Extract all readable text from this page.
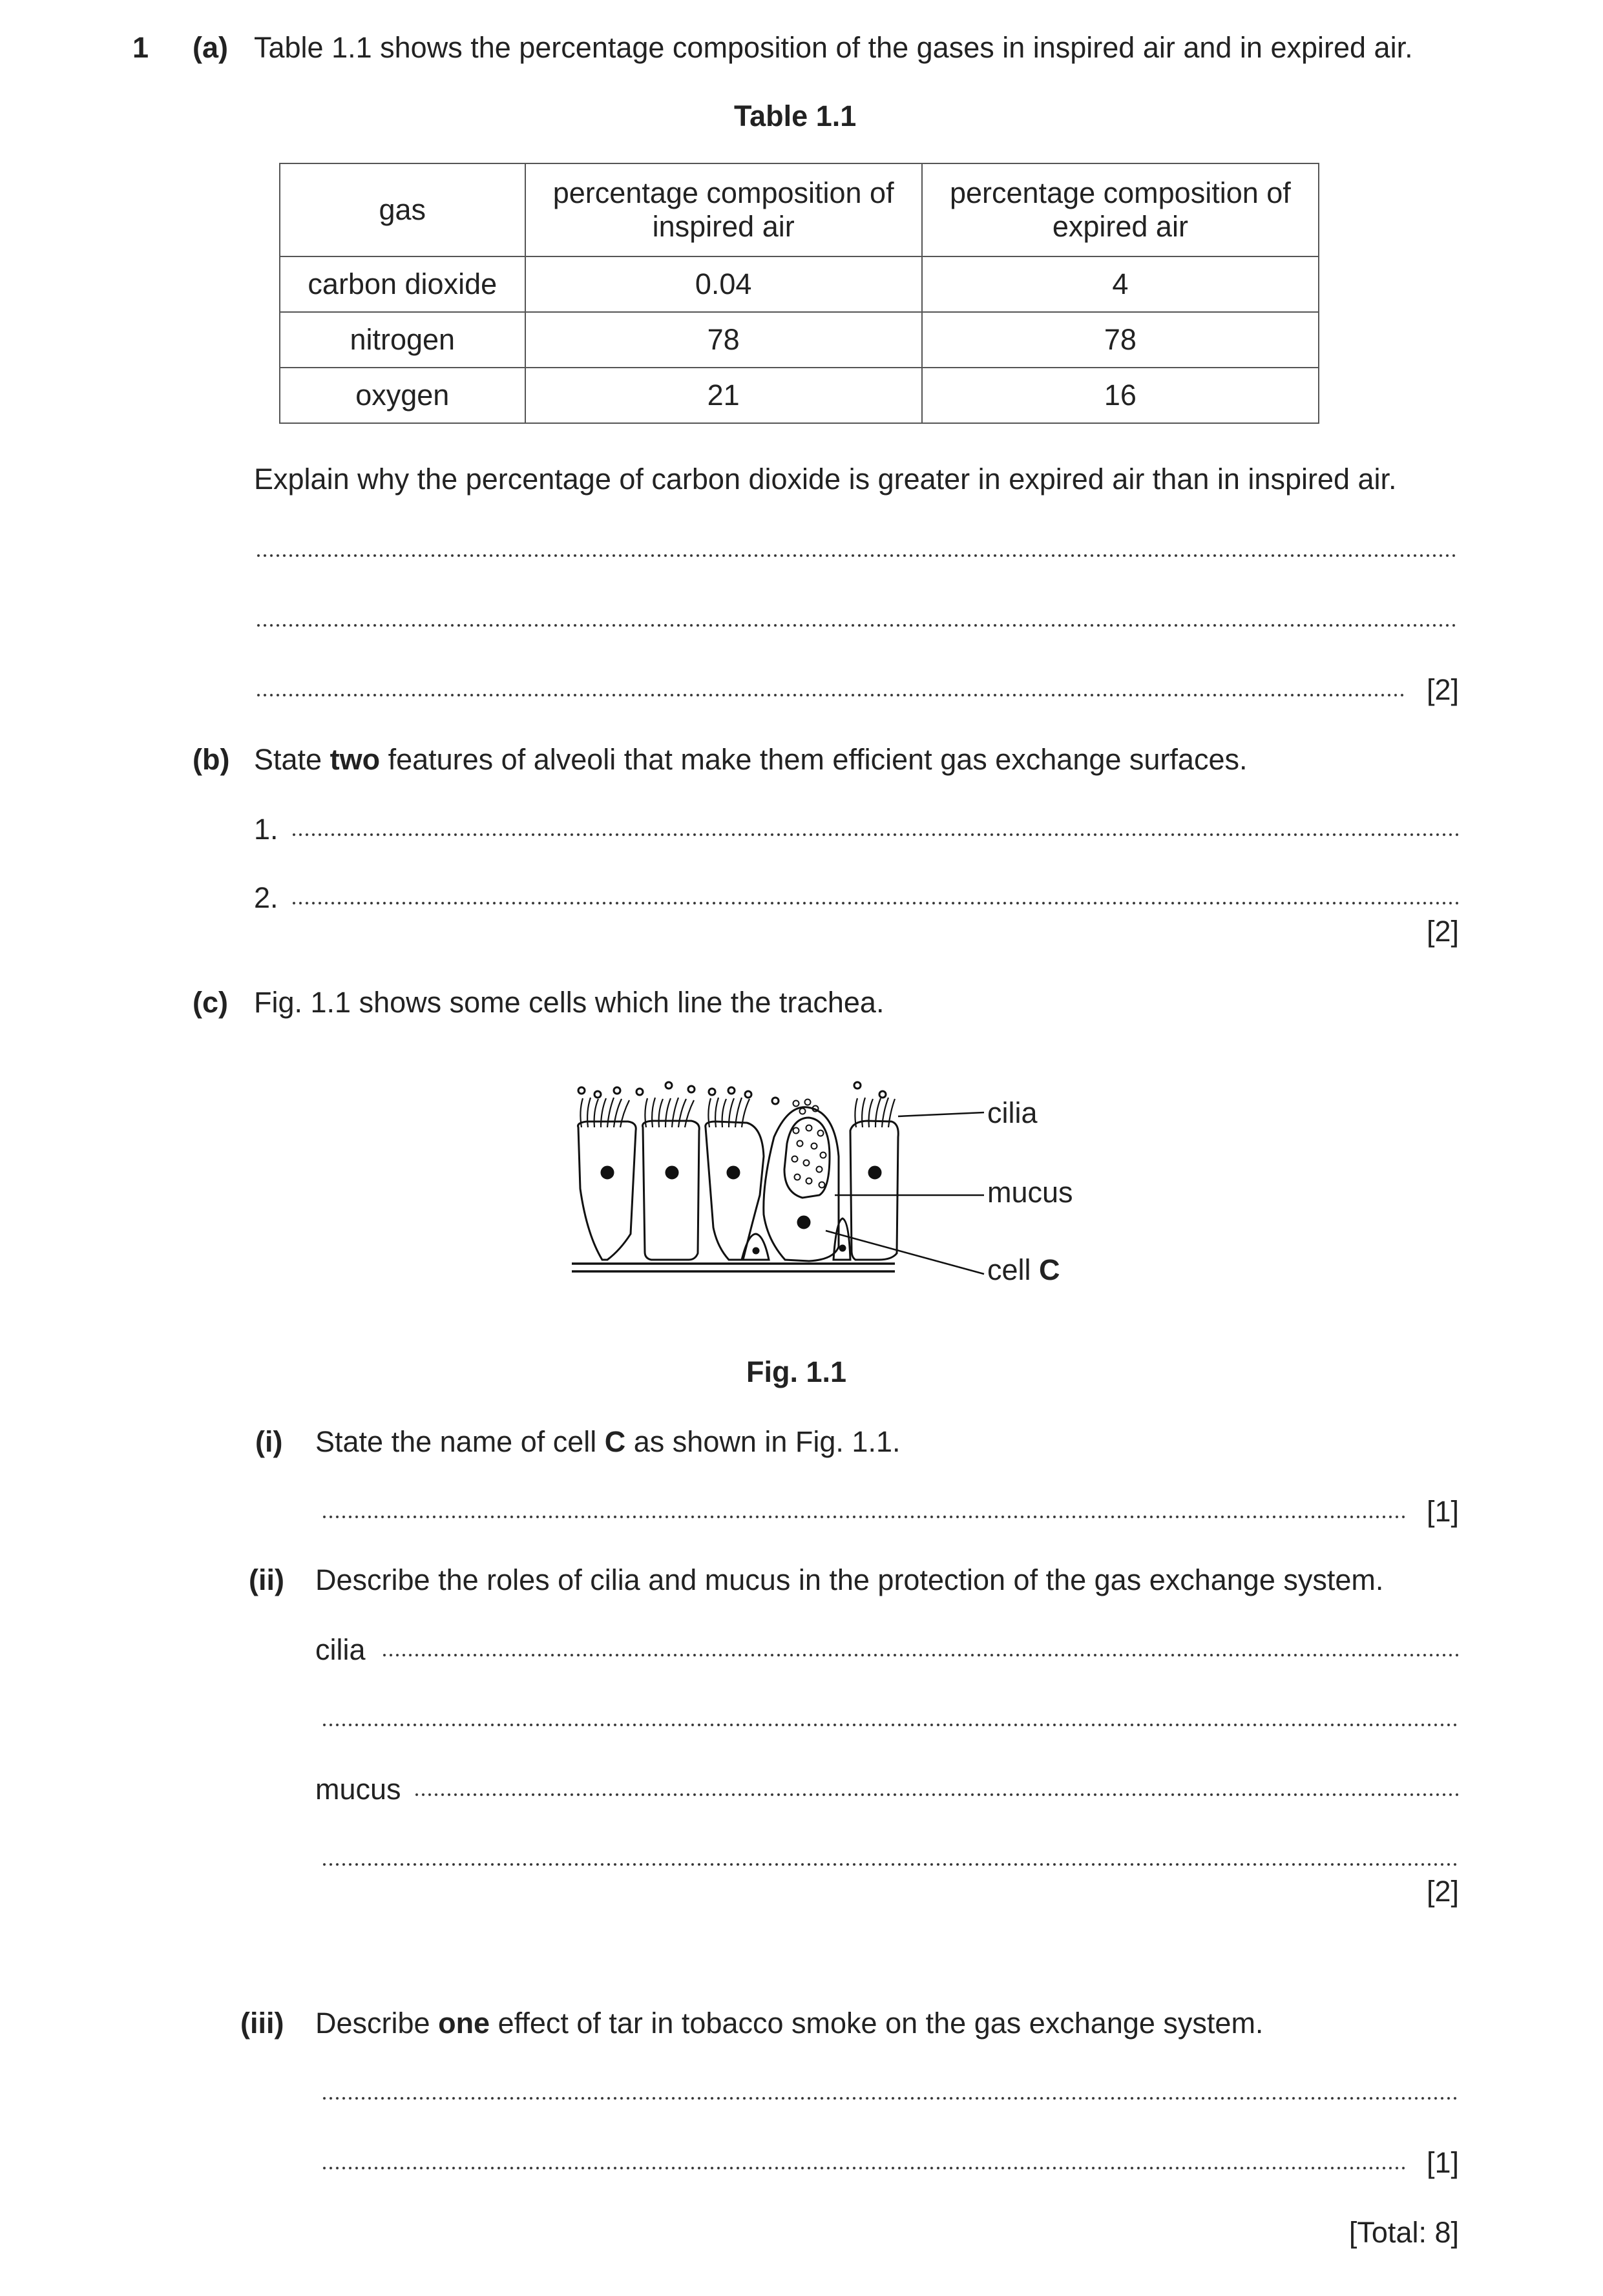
1 (a) Table 1.1 shows the percentage composition of the gases in inspired air and in expired air.
Table 1.1
gas	percentage composition of inspired air	percentage composition of expired air
carbon dioxide	0.04	4
nitrogen	78	78
oxygen	21	16
Explain why the percentage of carbon dioxide is greater in expired air than in inspired air.
[2]
(b) State two features of alveoli that make them efficient gas exchange surfaces.
1.
2.
[2]
(c) Fig. 1.1 shows some cells which line the trachea.
cilia
mucus
cell C
Fig. 1.1
(i) State the name of cell C as shown in Fig. 1.1.
[1]
(ii) Describe the roles of cilia and mucus in the protection of the gas exchange system.
cilia
mucus
[2]
(iii) Describe one effect of tar in tobacco smoke on the gas exchange system.
[1]
[Total: 8]
